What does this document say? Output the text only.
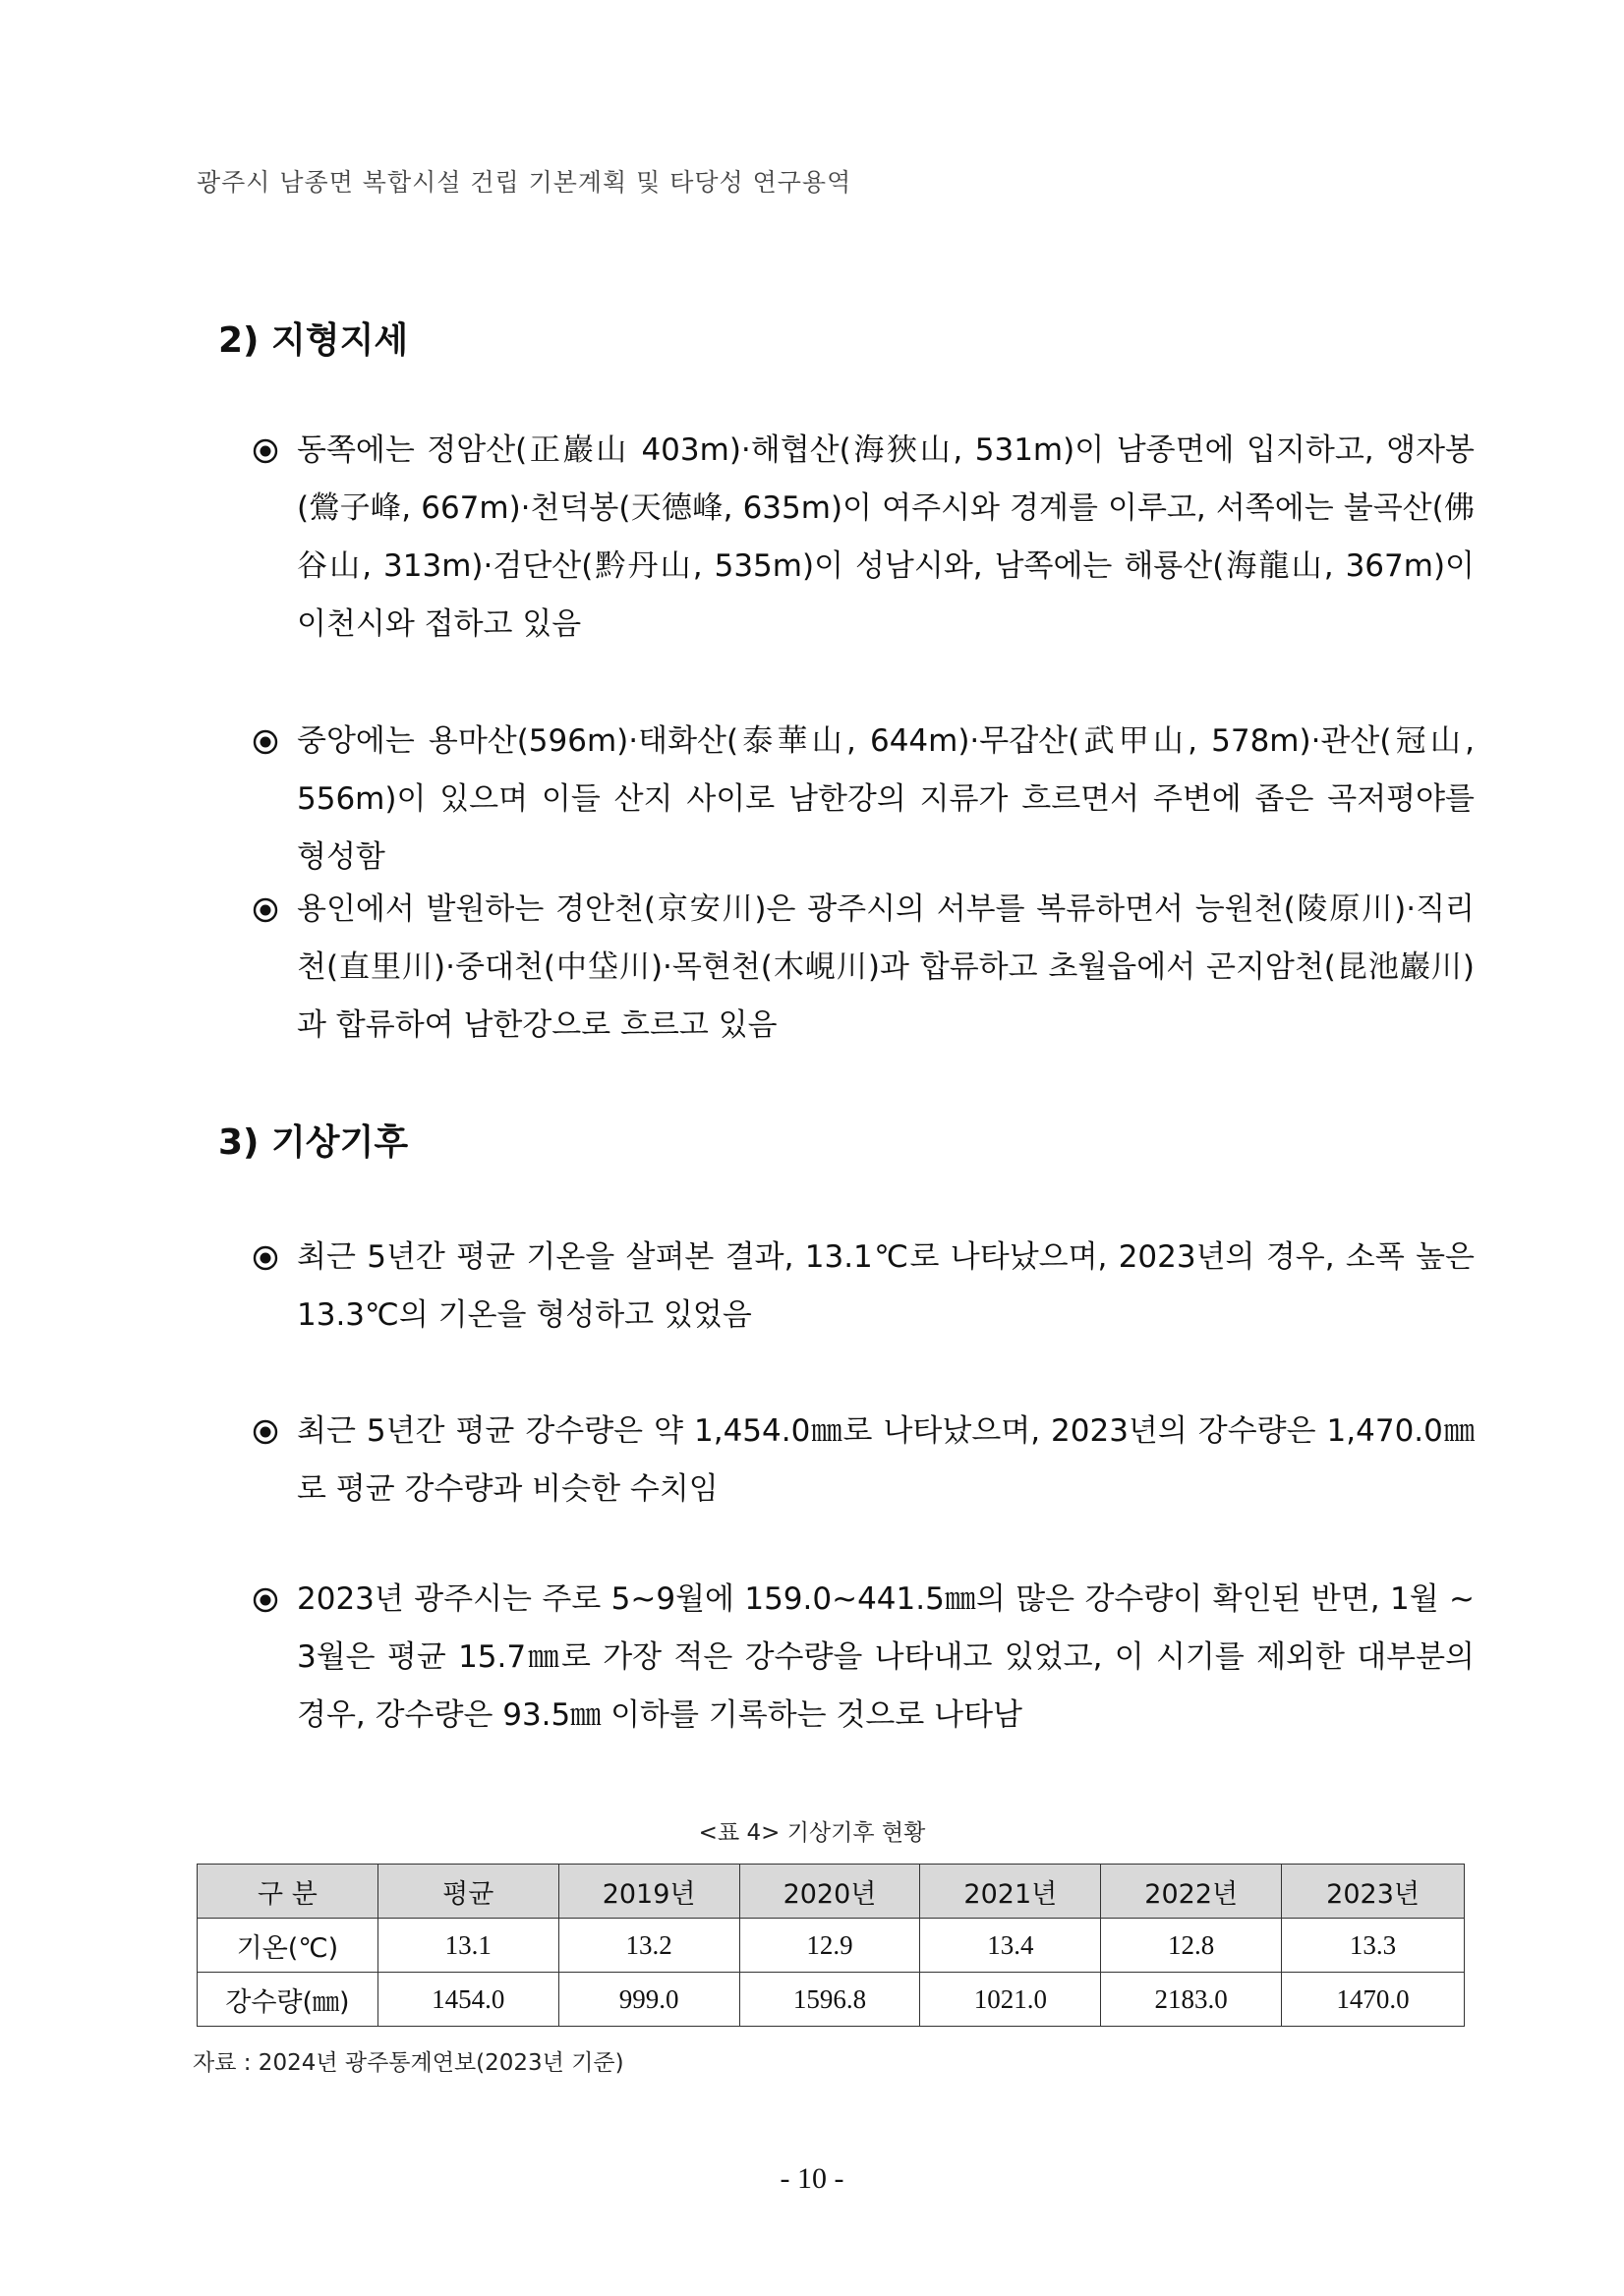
광주시 남종면 복합시설 건립 기본계획 및 타당성 연구용역
2) 지형지세
동쪽에는 정암산(正巖山 403m)·해협산(海狹山, 531m)이 남종면에 입지하고, 앵자봉(鶯子峰, 667m)·천덕봉(天德峰, 635m)이 여주시와 경계를 이루고, 서쪽에는 불곡산(佛谷山, 313m)·검단산(黔丹山, 535m)이 성남시와, 남쪽에는 해룡산(海龍山, 367m)이 이천시와 접하고 있음
중앙에는 용마산(596m)·태화산(泰華山, 644m)·무갑산(武甲山, 578m)·관산(冠山, 556m)이 있으며 이들 산지 사이로 남한강의 지류가 흐르면서 주변에 좁은 곡저평야를 형성함
용인에서 발원하는 경안천(京安川)은 광주시의 서부를 복류하면서 능원천(陵原川)·직리천(直里川)·중대천(中垈川)·목현천(木峴川)과 합류하고 초월읍에서 곤지암천(昆池巖川)과 합류하여 남한강으로 흐르고 있음
3) 기상기후
최근 5년간 평균 기온을 살펴본 결과, 13.1℃로 나타났으며, 2023년의 경우, 소폭 높은 13.3℃의 기온을 형성하고 있었음
최근 5년간 평균 강수량은 약 1,454.0㎜로 나타났으며, 2023년의 강수량은 1,470.0㎜로 평균 강수량과 비슷한 수치임
2023년 광주시는 주로 5~9월에 159.0~441.5㎜의 많은 강수량이 확인된 반면, 1월 ~ 3월은 평균 15.7㎜로 가장 적은 강수량을 나타내고 있었고, 이 시기를 제외한 대부분의 경우, 강수량은 93.5㎜ 이하를 기록하는 것으로 나타남
<표 4> 기상기후 현황
구 분	평균	2019년	2020년	2021년	2022년	2023년
기온(℃)	13.1	13.2	12.9	13.4	12.8	13.3
강수량(㎜)	1454.0	999.0	1596.8	1021.0	2183.0	1470.0
자료 : 2024년 광주통계연보(2023년 기준)
- 10 -
